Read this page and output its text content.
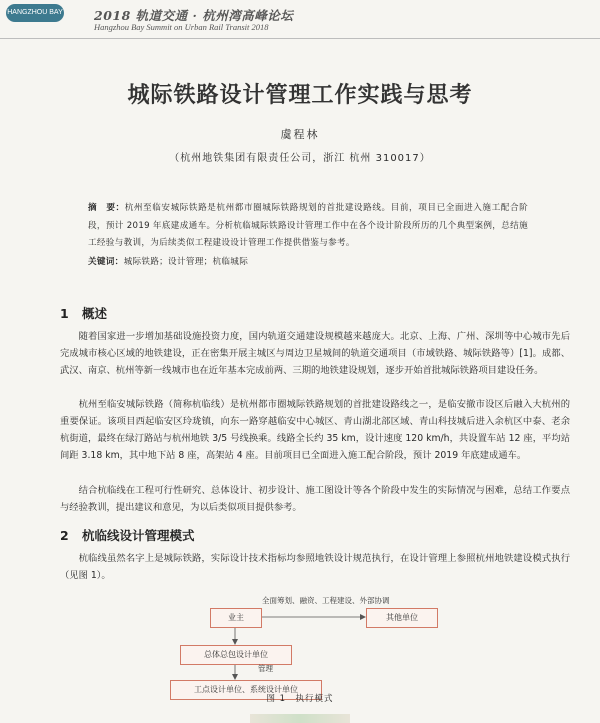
HANGZHOU BAY	2018 轨道交通 · 杭州湾高峰论坛
Hangzhou Bay Summit on Urban Rail Transit 2018
城际铁路设计管理工作实践与思考
虞程林
（杭州地铁集团有限责任公司，浙江 杭州 310017）
摘　要：杭州至临安城际铁路是杭州都市圈城际铁路规划的首批建设路线。目前，项目已全面进入施工配合阶段，预计 2019 年底建成通车。分析杭临城际铁路设计管理工作中在各个设计阶段所历的几个典型案例，总结施工经验与教训，为后续类似工程建设设计管理工作提供借鉴与参考。
关键词：城际铁路；设计管理；杭临城际
1 概述
随着国家进一步增加基础设施投资力度，国内轨道交通建设规模越来越庞大。北京、上海、广州、深圳等中心城市先后完成城市核心区域的地铁建设，正在密集开展主城区与周边卫星城间的轨道交通项目（市域铁路、城际铁路等）[1]。成都、武汉、南京、杭州等新一线城市也在近年基本完成前两、三期的地铁建设规划，逐步开始首批城际铁路项目建设任务。
杭州至临安城际铁路（简称杭临线）是杭州都市圈城际铁路规划的首批建设路线之一，是临安撤市设区后融入大杭州的重要保证。该项目西起临安区玲珑镇，向东一路穿越临安中心城区、青山湖北部区域、青山科技城后进入余杭区中泰、老余杭街道，最终在绿汀路站与杭州地铁 3/5 号线换乘。线路全长约 35 km，设计速度 120 km/h，共设置车站 12 座，平均站间距 3.18 km，其中地下站 8 座，高架站 4 座。目前项目已全面进入施工配合阶段，预计 2019 年底建成通车。
结合杭临线在工程可行性研究、总体设计、初步设计、施工图设计等各个阶段中发生的实际情况与困难，总结工作要点与经验教训，提出建议和意见，为以后类似项目提供参考。
2 杭临线设计管理模式
杭临线虽然名字上是城际铁路，实际设计技术指标均参照地铁设计规范执行，在设计管理上参照杭州地铁建设模式执行（见图 1）。
业主	其他单位
总体总包设计单位
工点设计单位、系统设计单位
全面筹划、融资、工程建设、外部协调
管理
图 1　执行模式
